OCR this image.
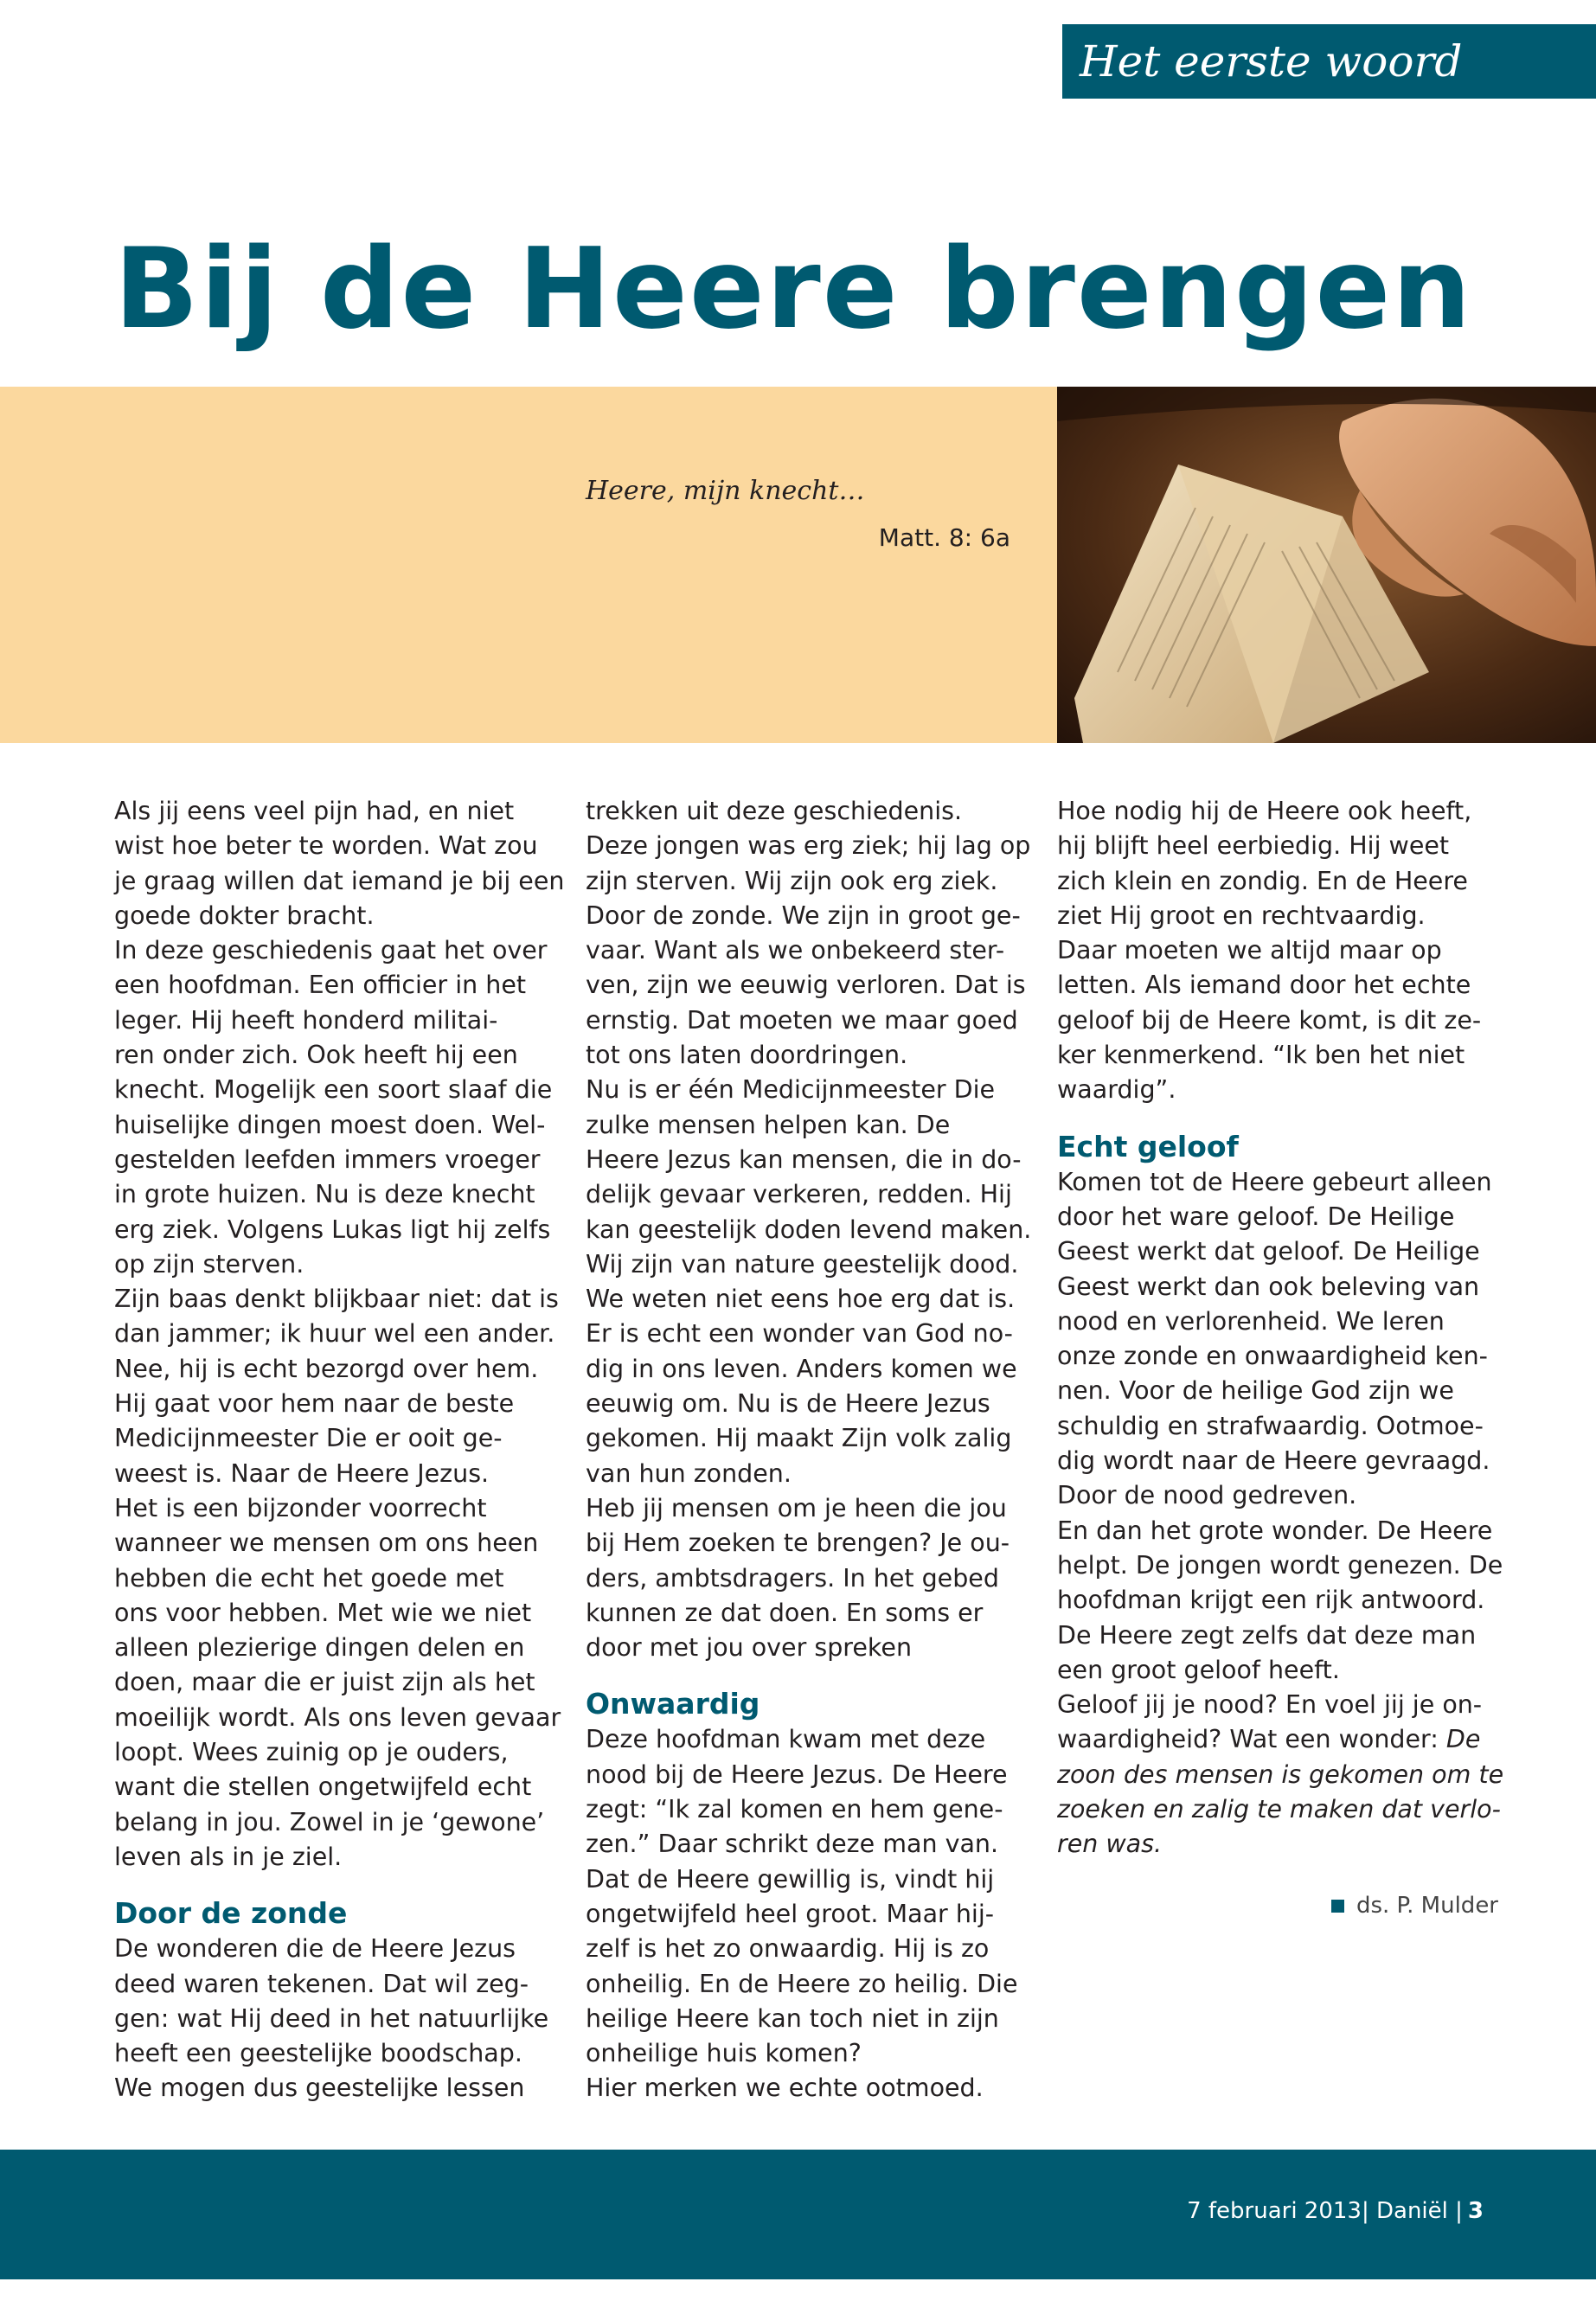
Het eerste woord
Bij de Heere brengen
Heere, mijn knecht…
Matt. 8: 6a

Als jij eens veel pijn had, en niet
wist hoe beter te worden. Wat zou
je graag willen dat iemand je bij een
goede dokter bracht.
In deze geschiedenis gaat het over
een hoofdman. Een officier in het
leger. Hij heeft honderd militai-
ren onder zich. Ook heeft hij een
knecht. Mogelijk een soort slaaf die
huiselijke dingen moest doen. Wel-
gestelden leefden immers vroeger
in grote huizen. Nu is deze knecht
erg ziek. Volgens Lukas ligt hij zelfs
op zijn sterven.
Zijn baas denkt blijkbaar niet: dat is
dan jammer; ik huur wel een ander.
Nee, hij is echt bezorgd over hem.
Hij gaat voor hem naar de beste
Medicijnmeester Die er ooit ge-
weest is. Naar de Heere Jezus.
Het is een bijzonder voorrecht
wanneer we mensen om ons heen
hebben die echt het goede met
ons voor hebben. Met wie we niet
alleen plezierige dingen delen en
doen, maar die er juist zijn als het
moeilijk wordt. Als ons leven gevaar
loopt. Wees zuinig op je ouders,
want die stellen ongetwijfeld echt
belang in jou. Zowel in je ‘gewone’
leven als in je ziel.

Door de zonde

De wonderen die de Heere Jezus
deed waren tekenen. Dat wil zeg-
gen: wat Hij deed in het natuurlijke
heeft een geestelijke boodschap.
We mogen dus geestelijke lessen

trekken uit deze geschiedenis.
Deze jongen was erg ziek; hij lag op
zijn sterven. Wij zijn ook erg ziek.
Door de zonde. We zijn in groot ge-
vaar. Want als we onbekeerd ster-
ven, zijn we eeuwig verloren. Dat is
ernstig. Dat moeten we maar goed
tot ons laten doordringen.
Nu is er één Medicijnmeester Die
zulke mensen helpen kan. De
Heere Jezus kan mensen, die in do-
delijk gevaar verkeren, redden. Hij
kan geestelijk doden levend maken.
Wij zijn van nature geestelijk dood.
We weten niet eens hoe erg dat is.
Er is echt een wonder van God no-
dig in ons leven. Anders komen we
eeuwig om. Nu is de Heere Jezus
gekomen. Hij maakt Zijn volk zalig
van hun zonden.
Heb jij mensen om je heen die jou
bij Hem zoeken te brengen? Je ou-
ders, ambtsdragers. In het gebed
kunnen ze dat doen. En soms er
door met jou over spreken

Onwaardig

Deze hoofdman kwam met deze
nood bij de Heere Jezus. De Heere
zegt: “Ik zal komen en hem gene-
zen.” Daar schrikt deze man van.
Dat de Heere gewillig is, vindt hij
ongetwijfeld heel groot. Maar hij-
zelf is het zo onwaardig. Hij is zo
onheilig. En de Heere zo heilig. Die
heilige Heere kan toch niet in zijn
onheilige huis komen?
Hier merken we echte ootmoed.

Hoe nodig hij de Heere ook heeft,
hij blijft heel eerbiedig. Hij weet
zich klein en zondig. En de Heere
ziet Hij groot en rechtvaardig.
Daar moeten we altijd maar op
letten. Als iemand door het echte
geloof bij de Heere komt, is dit ze-
ker kenmerkend. “Ik ben het niet
waardig”.

Echt geloof

Komen tot de Heere gebeurt alleen
door het ware geloof. De Heilige
Geest werkt dat geloof. De Heilige
Geest werkt dan ook beleving van
nood en verlorenheid. We leren
onze zonde en onwaardigheid ken-
nen. Voor de heilige God zijn we
schuldig en strafwaardig. Ootmoe-
dig wordt naar de Heere gevraagd.
Door de nood gedreven.
En dan het grote wonder. De Heere
helpt. De jongen wordt genezen. De
hoofdman krijgt een rijk antwoord.
De Heere zegt zelfs dat deze man
een groot geloof heeft.
Geloof jij je nood? En voel jij je on-
waardigheid? Wat een wonder: De
zoon des mensen is gekomen om te
zoeken en zalig te maken dat verlo-
ren was.

ds. P. Mulder
7 februari 2013| Daniël | 3
